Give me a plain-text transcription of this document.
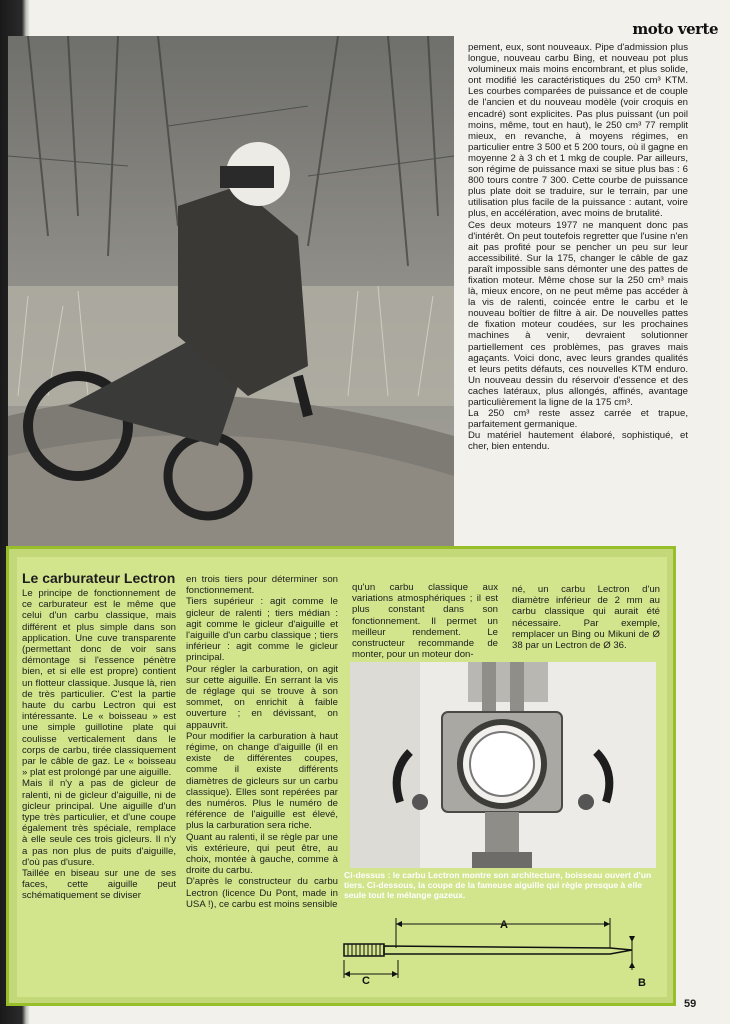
moto verte

pement, eux, sont nouveaux. Pipe d'admission plus longue, nouveau carbu Bing, et nouveau pot plus volumineux mais moins encombrant, et plus solide, ont modifié les caractéristiques du 250 cm³ KTM. Les courbes comparées de puissance et de couple de l'ancien et du nouveau modèle (voir croquis en encadré) sont explicites. Pas plus puissant (un poil moins, même, tout en haut), le 250 cm³ 77 remplit mieux, en revanche, à moyens régimes, en particulier entre 3 500 et 5 200 tours, où il gagne en moyenne 2 à 3 ch et 1 mkg de couple. Par ailleurs, son régime de puissance maxi se situe plus bas : 6 800 tours contre 7 300. Cette courbe de puissance plus plate doit se traduire, sur le terrain, par une utilisation plus facile de la puissance : autant, voire plus, en accélération, avec moins de brutalité.

Ces deux moteurs 1977 ne manquent donc pas d'intérêt. On peut toutefois regretter que l'usine n'en ait pas profité pour se pencher un peu sur leur accessibilité. Sur la 175, changer le câble de gaz paraît impossible sans démonter une des pattes de fixation moteur. Même chose sur la 250 cm³ mais là, mieux encore, on ne peut même pas accéder à la vis de ralenti, coincée entre le carbu et le nouveau boîtier de filtre à air. De nouvelles pattes de fixation moteur coudées, sur les prochaines machines à venir, devraient solutionner partiellement ces problèmes, pas graves mais agaçants. Voici donc, avec leurs grandes qualités et leurs petits défauts, ces nouvelles KTM enduro. Un nouveau dessin du réservoir d'essence et des caches latéraux, plus allongés, affinés, avantage particulièrement la ligne de la 175 cm³.

La 250 cm³ reste assez carrée et trapue, parfaitement germanique.

Du matériel hautement élaboré, sophistiqué, et cher, bien entendu.

Le carburateur Lectron

Le principe de fonctionnement de ce carburateur est le même que celui d'un carbu classique, mais différent et plus simple dans son application. Une cuve transparente (permettant donc de voir sans démontage si l'essence pénètre bien, et si elle est propre) contient un flotteur classique. Jusque là, rien de très particulier. C'est la partie haute du carbu Lectron qui est intéressante. Le « boisseau » est une simple guillotine plate qui coulisse verticalement dans le corps de carbu, tirée classiquement par le câble de gaz. Le « boisseau » plat est prolongé par une aiguille.

Mais il n'y a pas de gicleur de ralenti, ni de gicleur d'aiguille, ni de gicleur principal. Une aiguille d'un type très particulier, et d'une coupe également très spéciale, remplace à elle seule ces trois gicleurs. Il n'y a pas non plus de puits d'aiguille, d'où pas d'usure.

Taillée en biseau sur une de ses faces, cette aiguille peut schématiquement se diviser

en trois tiers pour déterminer son fonctionnement.

Tiers supérieur : agit comme le gicleur de ralenti ; tiers médian : agit comme le gicleur d'aiguille et l'aiguille d'un carbu classique ; tiers inférieur : agit comme le gicleur principal.

Pour régler la carburation, on agit sur cette aiguille. En serrant la vis de réglage qui se trouve à son sommet, on enrichit à faible ouverture ; en dévissant, on appauvrit.

Pour modifier la carburation à haut régime, on change d'aiguille (il en existe de différentes coupes, comme il existe différents diamètres de gicleurs sur un carbu classique). Elles sont repérées par des numéros. Plus le numéro de référence de l'aiguille est élevé, plus la carburation sera riche.

Quant au ralenti, il se règle par une vis extérieure, qui peut être, au choix, montée à gauche, comme à droite du carbu.

D'après le constructeur du carbu Lectron (licence Du Pont, made in USA !), ce carbu est moins sensible

qu'un carbu classique aux variations atmosphériques ; il est plus constant dans son fonctionnement. Il permet un meilleur rendement. Le constructeur recommande de monter, pour un moteur don-

né, un carbu Lectron d'un diamètre inférieur de 2 mm au carbu classique qui aurait été nécessaire. Par exemple, remplacer un Bing ou Mikuni de Ø 38 par un Lectron de Ø 36.

Ci-dessus : le carbu Lectron montre son architecture, boisseau ouvert d'un tiers. Ci-dessous, la coupe de la fameuse aiguille qui règle presque à elle seule tout le mélange gazeux.
A
C	B
59
